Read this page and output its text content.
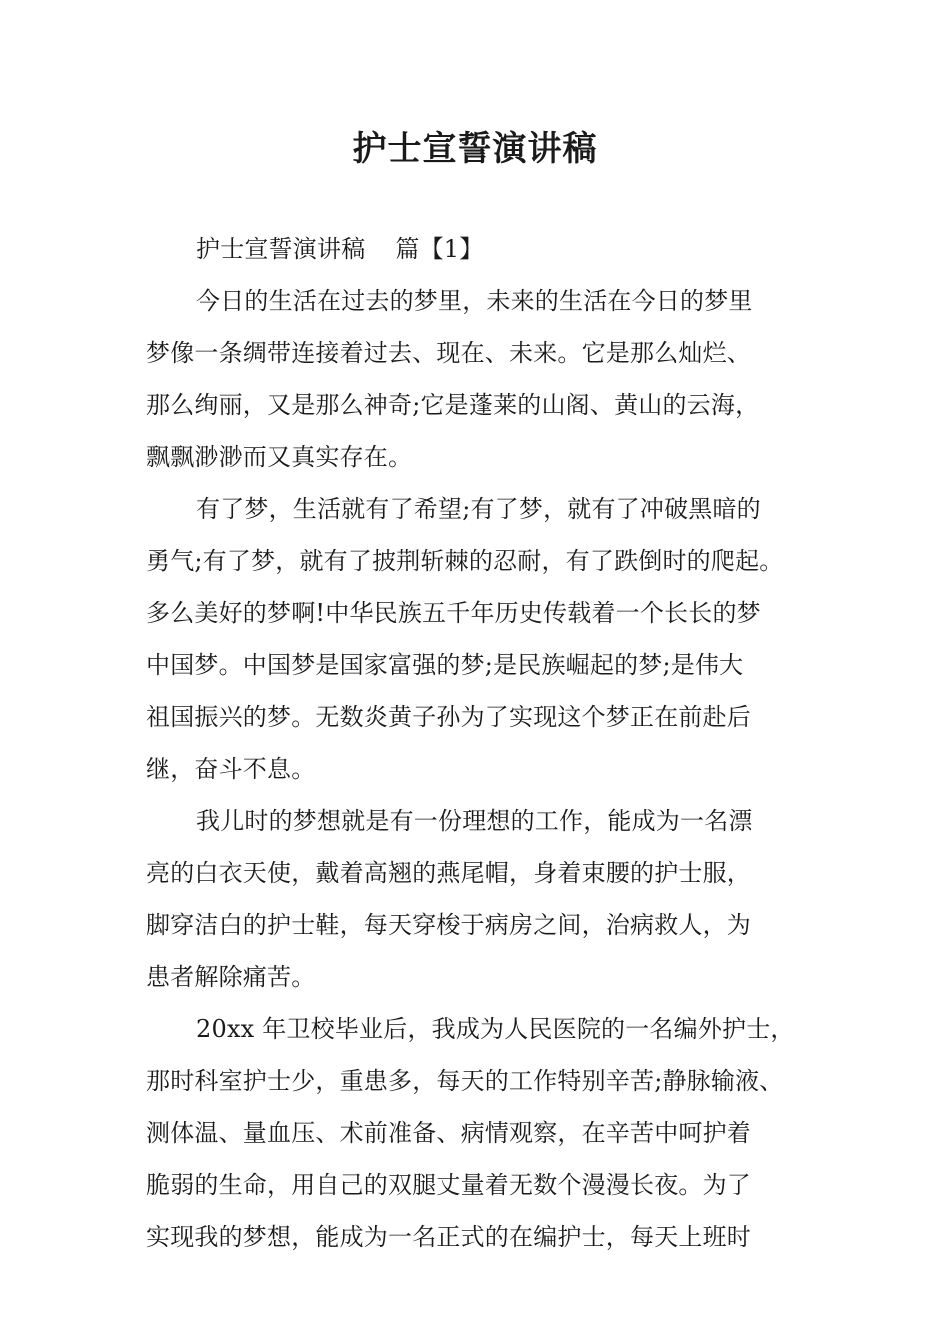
护士宣誓演讲稿
护士宣誓演讲稿 篇【1】
今日的生活在过去的梦里，未来的生活在今日的梦里
梦像一条绸带连接着过去、现在、未来。它是那么灿烂、
那么绚丽，又是那么神奇;它是蓬莱的山阁、黄山的云海，
飘飘渺渺而又真实存在。
有了梦，生活就有了希望;有了梦，就有了冲破黑暗的
勇气;有了梦，就有了披荆斩棘的忍耐，有了跌倒时的爬起。
多么美好的梦啊!中华民族五千年历史传载着一个长长的梦
中国梦。中国梦是国家富强的梦;是民族崛起的梦;是伟大
祖国振兴的梦。无数炎黄子孙为了实现这个梦正在前赴后
继，奋斗不息。
我儿时的梦想就是有一份理想的工作，能成为一名漂
亮的白衣天使，戴着高翘的燕尾帽，身着束腰的护士服，
脚穿洁白的护士鞋，每天穿梭于病房之间，治病救人，为
患者解除痛苦。
20xx 年卫校毕业后，我成为人民医院的一名编外护士，
那时科室护士少，重患多，每天的工作特别辛苦;静脉输液、
测体温、量血压、术前准备、病情观察，在辛苦中呵护着
脆弱的生命，用自己的双腿丈量着无数个漫漫长夜。为了
实现我的梦想，能成为一名正式的在编护士，每天上班时
